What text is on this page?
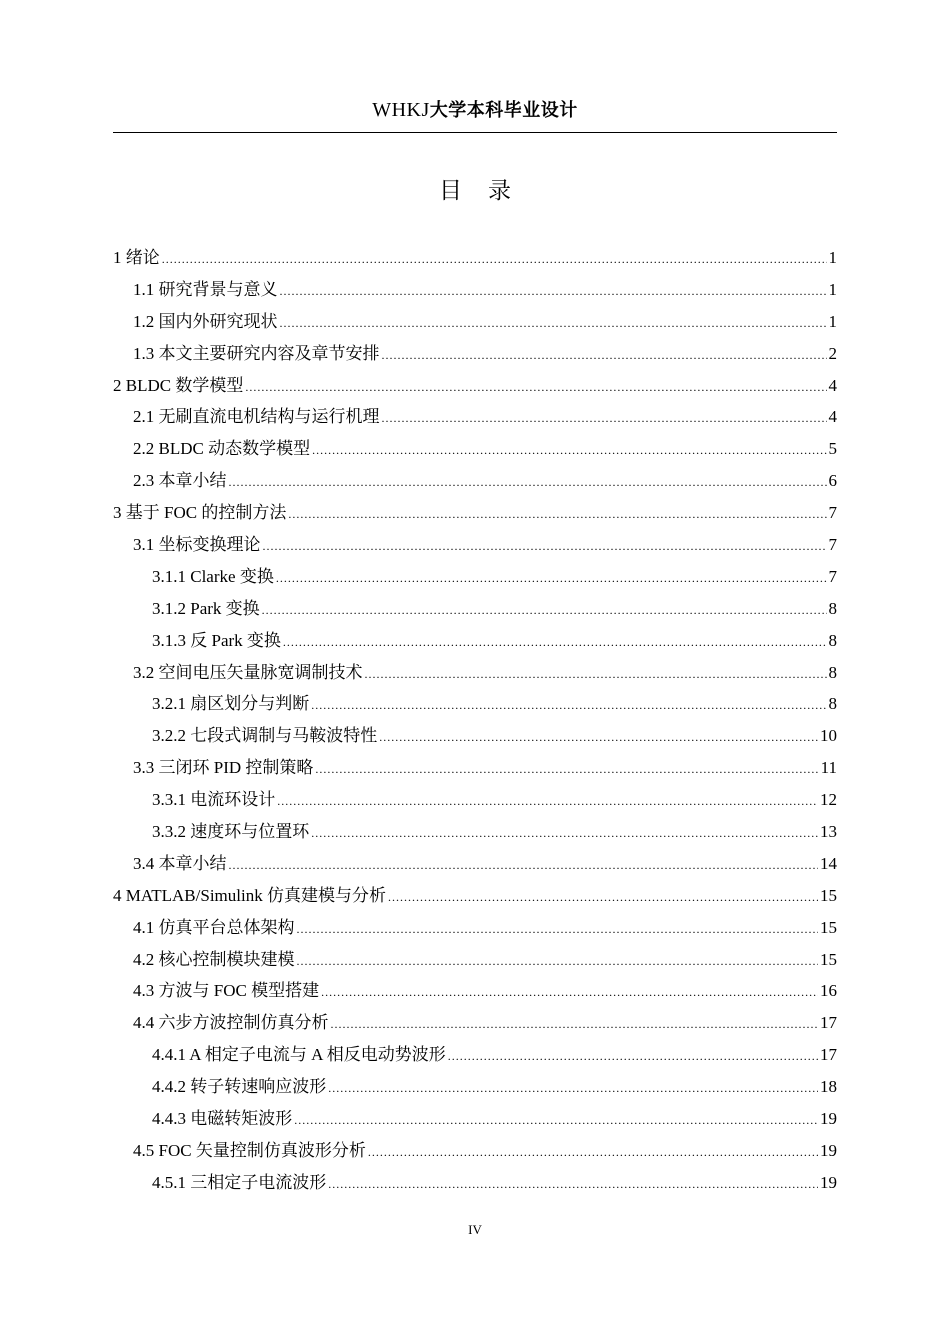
WHKJ大学本科毕业设计
目录
1 绪论 .....	1
1.1 研究背景与意义 .....	1
1.2 国内外研究现状 .....	1
1.3 本文主要研究内容及章节安排 .....	2
2 BLDC 数学模型 .....	4
2.1 无刷直流电机结构与运行机理 .....	4
2.2 BLDC 动态数学模型 .....	5
2.3 本章小结 .....	6
3 基于 FOC 的控制方法 .....	7
3.1 坐标变换理论 .....	7
3.1.1 Clarke 变换 .....	7
3.1.2 Park 变换 .....	8
3.1.3 反 Park 变换 .....	8
3.2 空间电压矢量脉宽调制技术 .....	8
3.2.1 扇区划分与判断 .....	8
3.2.2 七段式调制与马鞍波特性 .....	10
3.3 三闭环 PID 控制策略 .....	11
3.3.1 电流环设计 .....	12
3.3.2 速度环与位置环 .....	13
3.4 本章小结 .....	14
4 MATLAB/Simulink 仿真建模与分析 .....	15
4.1 仿真平台总体架构 .....	15
4.2 核心控制模块建模 .....	15
4.3 方波与 FOC 模型搭建 .....	16
4.4 六步方波控制仿真分析 .....	17
4.4.1 A 相定子电流与 A 相反电动势波形 .....	17
4.4.2 转子转速响应波形 .....	18
4.4.3 电磁转矩波形 .....	19
4.5 FOC 矢量控制仿真波形分析 .....	19
4.5.1 三相定子电流波形 .....	19
IV
